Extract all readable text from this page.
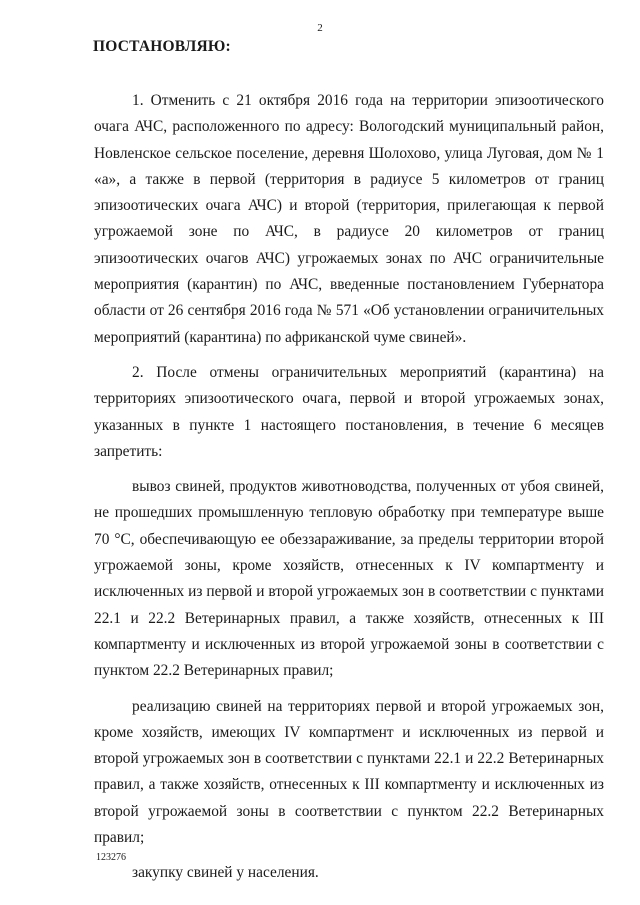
2
ПОСТАНОВЛЯЮ:

1. Отменить с 21 октября 2016 года на территории эпизоотического очага АЧС, расположенного по адресу: Вологодский муниципальный район, Новленское сельское поселение, деревня Шолохово, улица Луговая, дом № 1 «а», а также в первой (территория в радиусе 5 километров от границ эпизоотических очага АЧС) и второй (территория, прилегающая к первой угрожаемой зоне по АЧС, в радиусе 20 километров от границ эпизоотических очагов АЧС) угрожаемых зонах по АЧС ограничительные мероприятия (карантин) по АЧС, введенные постановлением Губернатора области от 26 сентября 2016 года № 571 «Об установлении ограничительных мероприятий (карантина) по африканской чуме свиней».

2. После отмены ограничительных мероприятий (карантина) на территориях эпизоотического очага, первой и второй угрожаемых зонах, указанных в пункте 1 настоящего постановления, в течение 6 месяцев запретить:

вывоз свиней, продуктов животноводства, полученных от убоя свиней, не прошедших промышленную тепловую обработку при температуре выше 70 °С, обеспечивающую ее обеззараживание, за пределы территории второй угрожаемой зоны, кроме хозяйств, отнесенных к IV компартменту и исключенных из первой и второй угрожаемых зон в соответствии с пунктами 22.1 и 22.2 Ветеринарных правил, а также хозяйств, отнесенных к III компартменту и исключенных из второй угрожаемой зоны в соответствии с пунктом 22.2 Ветеринарных правил;

реализацию свиней на территориях первой и второй угрожаемых зон, кроме хозяйств, имеющих IV компартмент и исключенных из первой и второй угрожаемых зон в соответствии с пунктами 22.1 и 22.2 Ветеринарных правил, а также хозяйств, отнесенных к III компартменту и исключенных из второй угрожаемой зоны в соответствии с пунктом 22.2 Ветеринарных правил;

закупку свиней у населения.

123276
